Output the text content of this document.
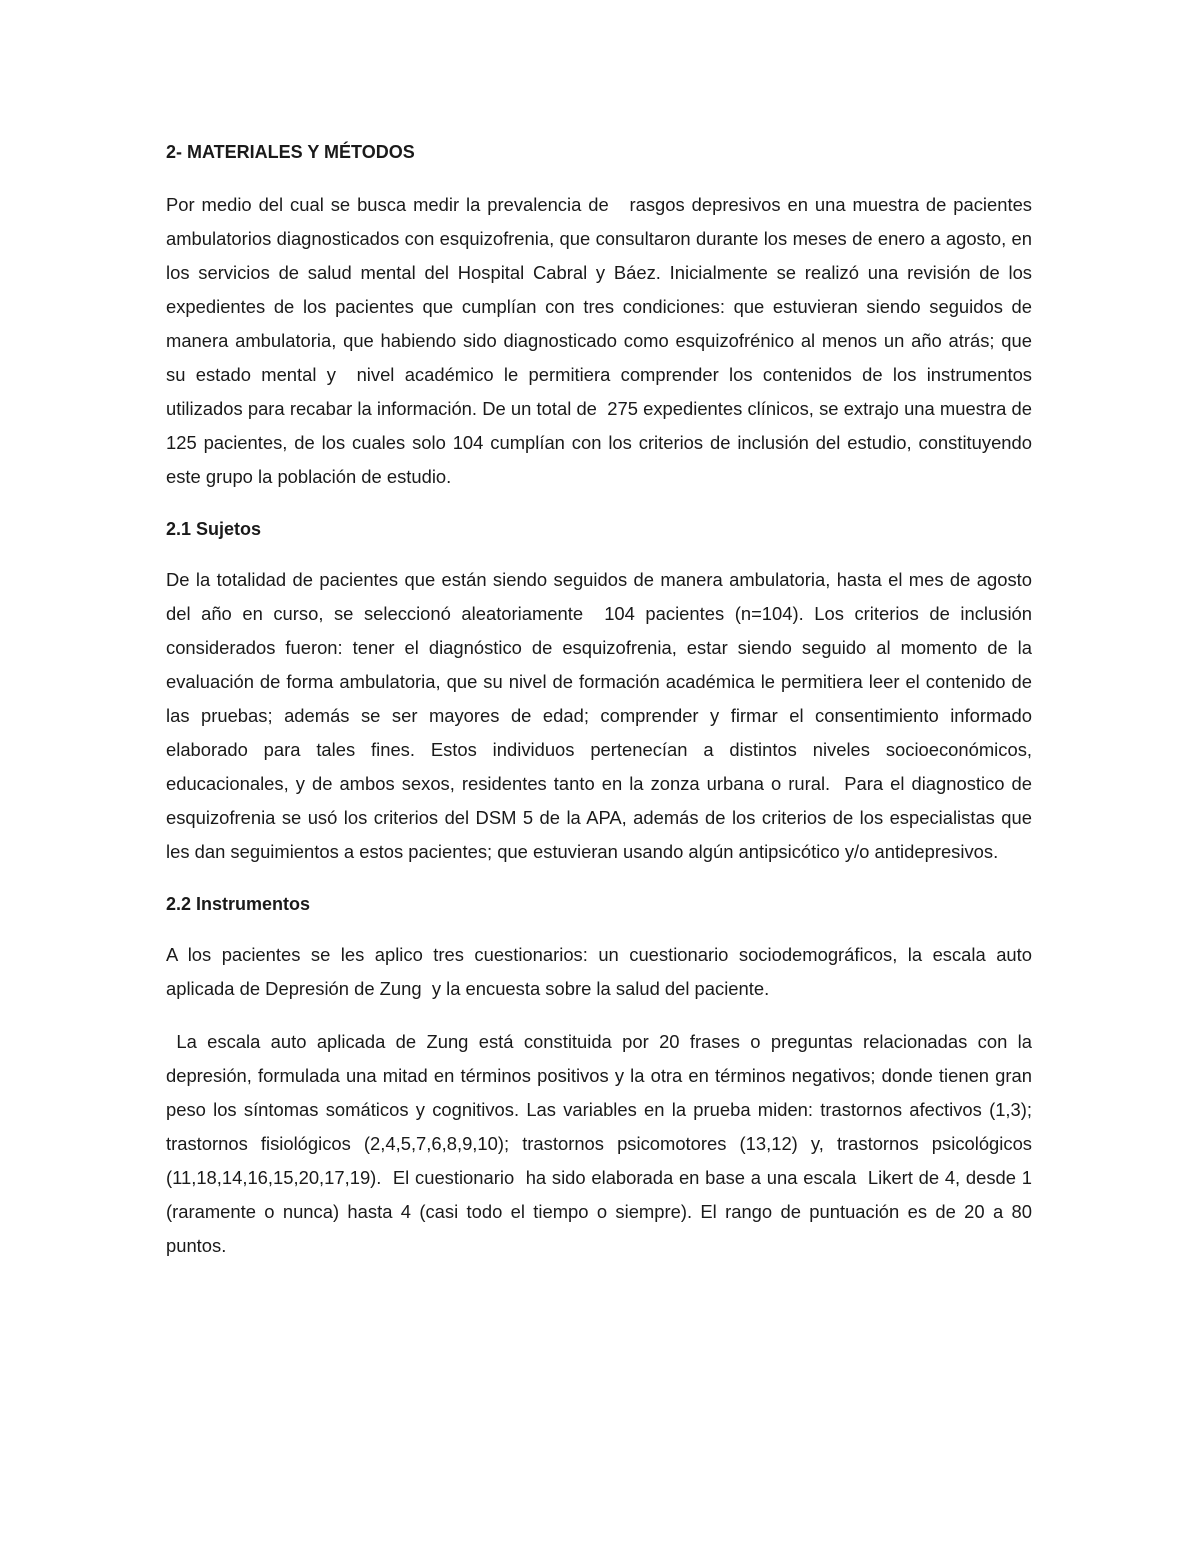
2- MATERIALES Y MÉTODOS

Por medio del cual se busca medir la prevalencia de   rasgos depresivos en una muestra de pacientes ambulatorios diagnosticados con esquizofrenia, que consultaron durante los meses de enero a agosto, en los servicios de salud mental del Hospital Cabral y Báez. Inicialmente se realizó una revisión de los expedientes de los pacientes que cumplían con tres condiciones: que estuvieran siendo seguidos de manera ambulatoria, que habiendo sido diagnosticado como esquizofrénico al menos un año atrás; que su estado mental y  nivel académico le permitiera comprender los contenidos de los instrumentos utilizados para recabar la información. De un total de  275 expedientes clínicos, se extrajo una muestra de  125 pacientes, de los cuales solo 104 cumplían con los criterios de inclusión del estudio, constituyendo este grupo la población de estudio.

2.1 Sujetos

De la totalidad de pacientes que están siendo seguidos de manera ambulatoria, hasta el mes de agosto del año en curso, se seleccionó aleatoriamente  104 pacientes (n=104). Los criterios de inclusión considerados fueron: tener el diagnóstico de esquizofrenia, estar siendo seguido al momento de la evaluación de forma ambulatoria, que su nivel de formación académica le permitiera leer el contenido de las pruebas; además se ser mayores de edad; comprender y firmar el consentimiento informado elaborado para tales fines. Estos individuos pertenecían a distintos niveles socioeconómicos, educacionales, y de ambos sexos, residentes tanto en la zonza urbana o rural.  Para el diagnostico de esquizofrenia se usó los criterios del DSM 5 de la APA, además de los criterios de los especialistas que les dan seguimientos a estos pacientes; que estuvieran usando algún antipsicótico y/o antidepresivos.

2.2 Instrumentos

A los pacientes se les aplico tres cuestionarios: un cuestionario sociodemográficos, la escala auto aplicada de Depresión de Zung  y la encuesta sobre la salud del paciente.

La escala auto aplicada de Zung está constituida por 20 frases o preguntas relacionadas con la depresión, formulada una mitad en términos positivos y la otra en términos negativos; donde tienen gran peso los síntomas somáticos y cognitivos. Las variables en la prueba miden: trastornos afectivos (1,3); trastornos fisiológicos (2,4,5,7,6,8,9,10); trastornos psicomotores (13,12) y, trastornos psicológicos (11,18,14,16,15,20,17,19).  El cuestionario  ha sido elaborada en base a una escala  Likert de 4, desde 1 (raramente o nunca) hasta 4 (casi todo el tiempo o siempre). El rango de puntuación es de 20 a 80  puntos.
